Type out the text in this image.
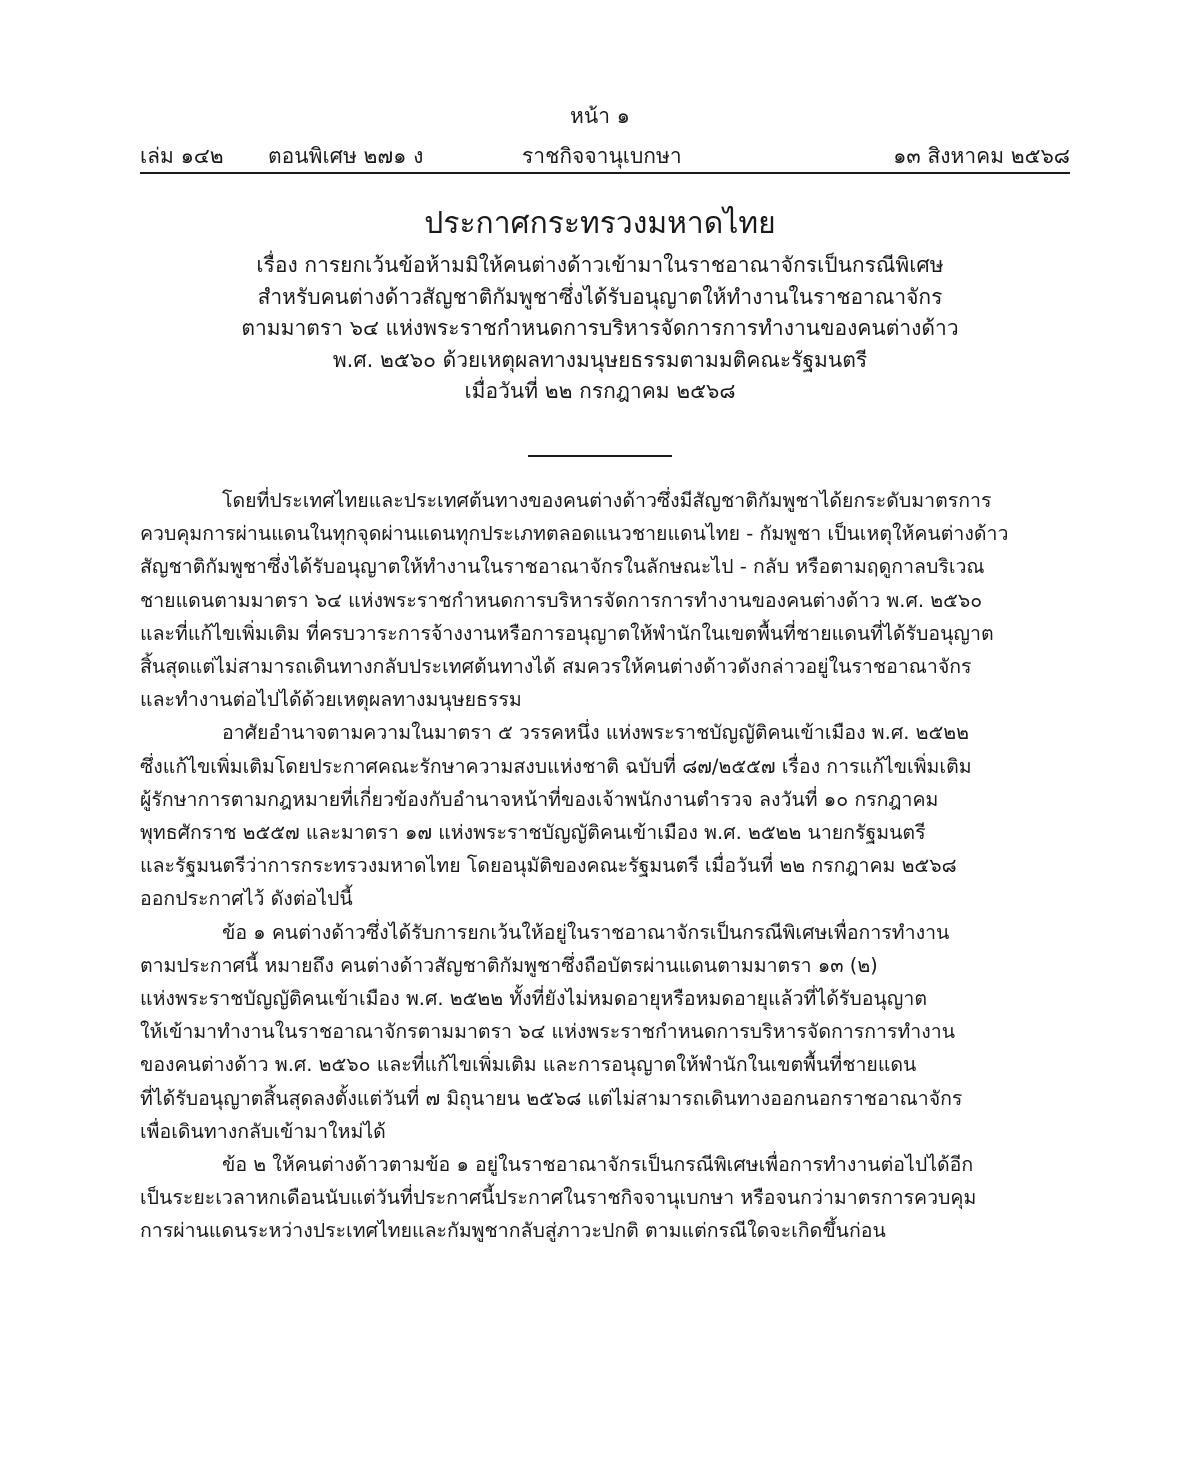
หน้า ๑
เล่ม ๑๔๒ ตอนพิเศษ ๒๗๑ ง	ราชกิจจานุเบกษา	๑๓ สิงหาคม ๒๕๖๘
ประกาศกระทรวงมหาดไทย
เรื่อง การยกเว้นข้อห้ามมิให้คนต่างด้าวเข้ามาในราชอาณาจักรเป็นกรณีพิเศษ
สำหรับคนต่างด้าวสัญชาติกัมพูชาซึ่งได้รับอนุญาตให้ทำงานในราชอาณาจักร
ตามมาตรา ๖๔ แห่งพระราชกำหนดการบริหารจัดการการทำงานของคนต่างด้าว
พ.ศ. ๒๕๖๐ ด้วยเหตุผลทางมนุษยธรรมตามมติคณะรัฐมนตรี
เมื่อวันที่ ๒๒ กรกฎาคม ๒๕๖๘
โดยที่ประเทศไทยและประเทศต้นทางของคนต่างด้าวซึ่งมีสัญชาติกัมพูชาได้ยกระดับมาตรการ
ควบคุมการผ่านแดนในทุกจุดผ่านแดนทุกประเภทตลอดแนวชายแดนไทย - กัมพูชา เป็นเหตุให้คนต่างด้าว
สัญชาติกัมพูชาซึ่งได้รับอนุญาตให้ทำงานในราชอาณาจักรในลักษณะไป - กลับ หรือตามฤดูกาลบริเวณ
ชายแดนตามมาตรา ๖๔ แห่งพระราชกำหนดการบริหารจัดการการทำงานของคนต่างด้าว พ.ศ. ๒๕๖๐
และที่แก้ไขเพิ่มเติม ที่ครบวาระการจ้างงานหรือการอนุญาตให้พำนักในเขตพื้นที่ชายแดนที่ได้รับอนุญาต
สิ้นสุดแต่ไม่สามารถเดินทางกลับประเทศต้นทางได้ สมควรให้คนต่างด้าวดังกล่าวอยู่ในราชอาณาจักร
และทำงานต่อไปได้ด้วยเหตุผลทางมนุษยธรรม
อาศัยอำนาจตามความในมาตรา ๕ วรรคหนึ่ง แห่งพระราชบัญญัติคนเข้าเมือง พ.ศ. ๒๕๒๒
ซึ่งแก้ไขเพิ่มเติมโดยประกาศคณะรักษาความสงบแห่งชาติ ฉบับที่ ๘๗/๒๕๕๗ เรื่อง การแก้ไขเพิ่มเติม
ผู้รักษาการตามกฎหมายที่เกี่ยวข้องกับอำนาจหน้าที่ของเจ้าพนักงานตำรวจ ลงวันที่ ๑๐ กรกฎาคม
พุทธศักราช ๒๕๕๗ และมาตรา ๑๗ แห่งพระราชบัญญัติคนเข้าเมือง พ.ศ. ๒๕๒๒ นายกรัฐมนตรี
และรัฐมนตรีว่าการกระทรวงมหาดไทย โดยอนุมัติของคณะรัฐมนตรี เมื่อวันที่ ๒๒ กรกฎาคม ๒๕๖๘
ออกประกาศไว้ ดังต่อไปนี้
ข้อ ๑ คนต่างด้าวซึ่งได้รับการยกเว้นให้อยู่ในราชอาณาจักรเป็นกรณีพิเศษเพื่อการทำงาน
ตามประกาศนี้ หมายถึง คนต่างด้าวสัญชาติกัมพูชาซึ่งถือบัตรผ่านแดนตามมาตรา ๑๓ (๒)
แห่งพระราชบัญญัติคนเข้าเมือง พ.ศ. ๒๕๒๒ ทั้งที่ยังไม่หมดอายุหรือหมดอายุแล้วที่ได้รับอนุญาต
ให้เข้ามาทำงานในราชอาณาจักรตามมาตรา ๖๔ แห่งพระราชกำหนดการบริหารจัดการการทำงาน
ของคนต่างด้าว พ.ศ. ๒๕๖๐ และที่แก้ไขเพิ่มเติม และการอนุญาตให้พำนักในเขตพื้นที่ชายแดน
ที่ได้รับอนุญาตสิ้นสุดลงตั้งแต่วันที่ ๗ มิถุนายน ๒๕๖๘ แต่ไม่สามารถเดินทางออกนอกราชอาณาจักร
เพื่อเดินทางกลับเข้ามาใหม่ได้
ข้อ ๒ ให้คนต่างด้าวตามข้อ ๑ อยู่ในราชอาณาจักรเป็นกรณีพิเศษเพื่อการทำงานต่อไปได้อีก
เป็นระยะเวลาหกเดือนนับแต่วันที่ประกาศนี้ประกาศในราชกิจจานุเบกษา หรือจนกว่ามาตรการควบคุม
การผ่านแดนระหว่างประเทศไทยและกัมพูชากลับสู่ภาวะปกติ ตามแต่กรณีใดจะเกิดขึ้นก่อน
